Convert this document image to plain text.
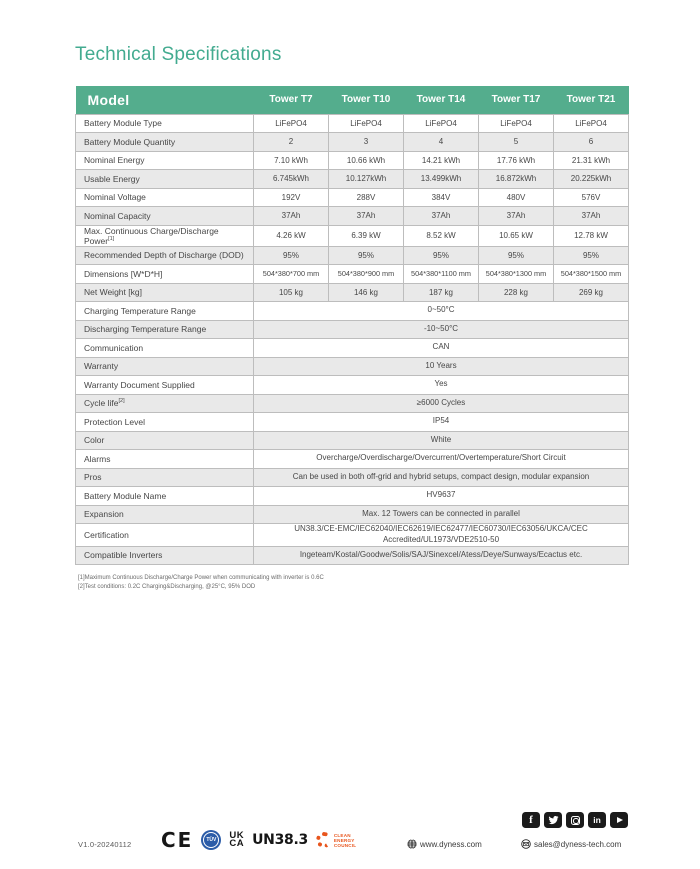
Technical Specifications
Model	Tower T7	Tower T10	Tower T14	Tower T17	Tower T21
Battery Module Type	LiFePO4	LiFePO4	LiFePO4	LiFePO4	LiFePO4
Battery Module Quantity	2	3	4	5	6
Nominal Energy	7.10 kWh	10.66 kWh	14.21 kWh	17.76 kWh	21.31 kWh
Usable Energy	6.745kWh	10.127kWh	13.499kWh	16.872kWh	20.225kWh
Nominal Voltage	192V	288V	384V	480V	576V
Nominal Capacity	37Ah	37Ah	37Ah	37Ah	37Ah
Max. Continuous Charge/Discharge Power[1]	4.26 kW	6.39 kW	8.52 kW	10.65 kW	12.78 kW
Recommended Depth of Discharge (DOD)	95%	95%	95%	95%	95%
Dimensions [W*D*H]	504*380*700 mm	504*380*900 mm	504*380*1100 mm	504*380*1300 mm	504*380*1500 mm
Net Weight [kg]	105 kg	146 kg	187 kg	228 kg	269 kg
Charging Temperature Range	0~50°C				
Discharging Temperature Range	-10~50°C				
Communication	CAN				
Warranty	10 Years				
Warranty Document Supplied	Yes				
Cycle life[2]	≥6000 Cycles				
Protection Level	IP54				
Color	White				
Alarms	Overcharge/Overdischarge/Overcurrent/Overtemperature/Short Circuit				
Pros	Can be used in both off-grid and hybrid setups, compact design, modular expansion				
Battery Module Name	HV9637				
Expansion	Max. 12 Towers can be connected in parallel				
Certification	UN38.3/CE-EMC/IEC62040/IEC62619/IEC62477/IEC60730/IEC63056/UKCA/CEC Accredited/UL1973/VDE2510-50				
Compatible Inverters	Ingeteam/Kostal/Goodwe/Solis/SAJ/Sinexcel/Atess/Deye/Sunways/Ecactus etc.				
[1]Maximum Continuous Discharge/Charge Power when communicating with inverter is 0.6C
[2]Test conditions: 0.2C Charging&Discharging, @25°C, 95% DOD
V1.0-20240112 CE	TÜV UK
CA UN38.3	CLEAN
ENERGY
COUNCIL	www.dyness.com
f	in
sales@dyness-tech.com
